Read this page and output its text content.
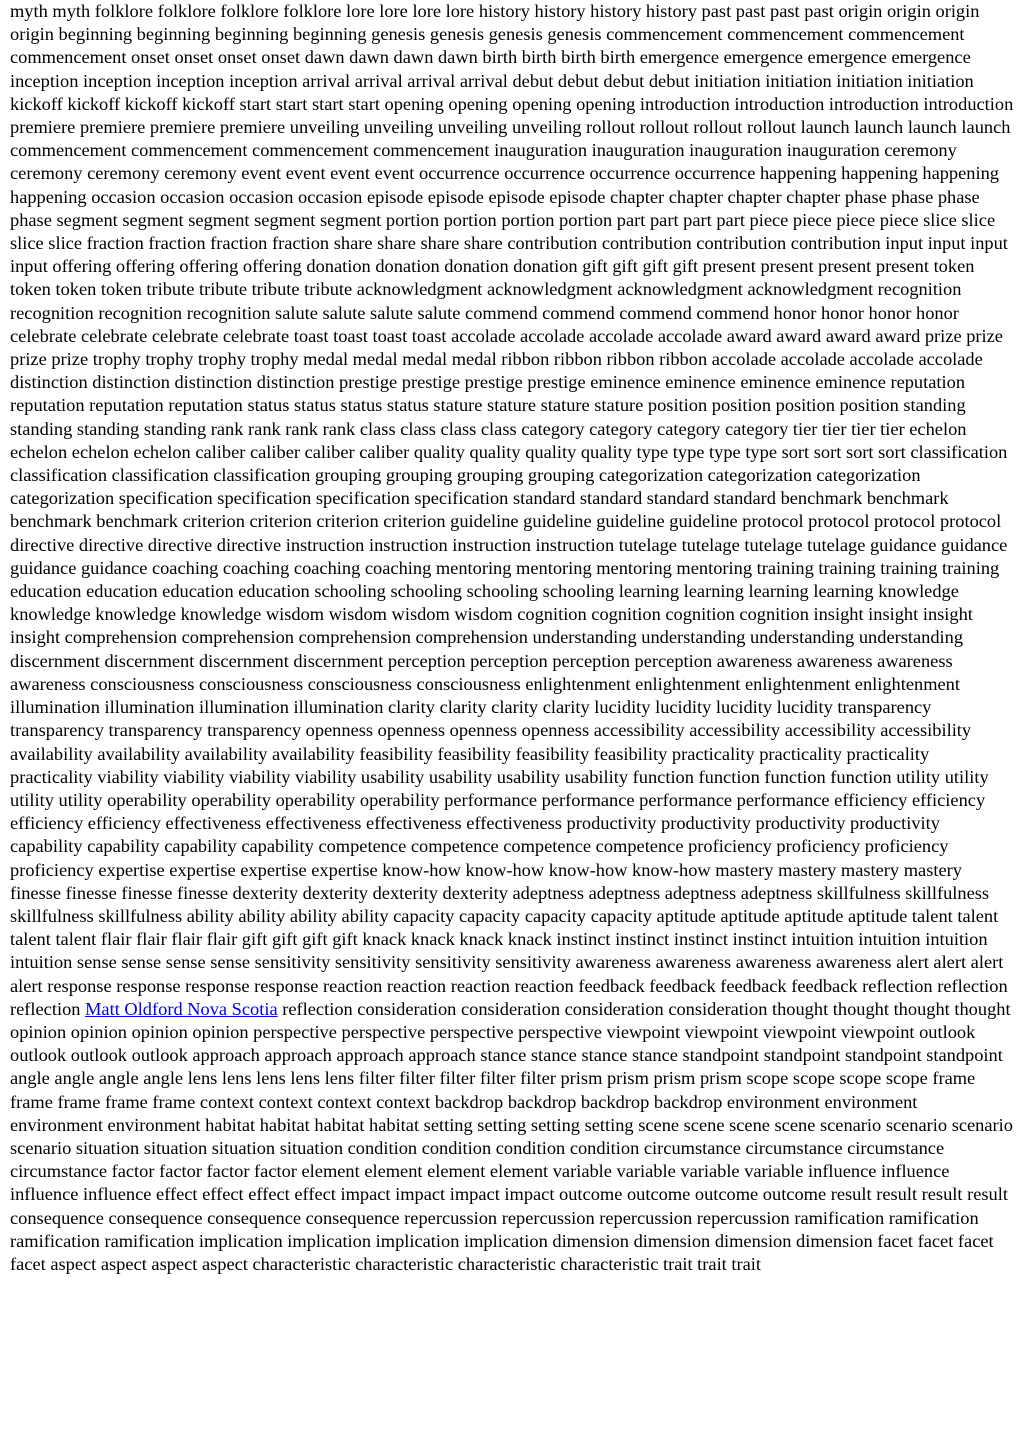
myth myth folklore folklore folklore folklore lore lore lore lore history history history history past past past past origin origin origin origin beginning beginning beginning beginning genesis genesis genesis genesis commencement commencement commencement commencement onset onset onset onset dawn dawn dawn dawn birth birth birth birth emergence emergence emergence emergence inception inception inception inception arrival arrival arrival arrival debut debut debut debut initiation initiation initiation initiation kickoff kickoff kickoff kickoff start start start start opening opening opening opening introduction introduction introduction introduction premiere premiere premiere premiere unveiling unveiling unveiling unveiling rollout rollout rollout rollout launch launch launch launch commencement commencement commencement commencement inauguration inauguration inauguration inauguration ceremony ceremony ceremony ceremony event event event event occurrence occurrence occurrence occurrence happening happening happening happening occasion occasion occasion occasion episode episode episode episode chapter chapter chapter chapter phase phase phase phase segment segment segment segment segment portion portion portion portion part part part part piece piece piece piece slice slice slice slice fraction fraction fraction fraction share share share share contribution contribution contribution contribution input input input input offering offering offering offering donation donation donation donation gift gift gift gift present present present present token token token token tribute tribute tribute tribute acknowledgment acknowledgment acknowledgment acknowledgment recognition recognition recognition recognition salute salute salute salute commend commend commend commend honor honor honor honor celebrate celebrate celebrate celebrate toast toast toast toast accolade accolade accolade accolade award award award award prize prize prize prize trophy trophy trophy trophy medal medal medal medal ribbon ribbon ribbon ribbon accolade accolade accolade accolade distinction distinction distinction distinction prestige prestige prestige prestige eminence eminence eminence eminence reputation reputation reputation reputation status status status status stature stature stature stature position position position position standing standing standing standing rank rank rank rank class class class class category category category category tier tier tier tier echelon echelon echelon echelon caliber caliber caliber caliber quality quality quality quality type type type type sort sort sort sort classification classification classification classification grouping grouping grouping grouping categorization categorization categorization categorization specification specification specification specification standard standard standard standard benchmark benchmark benchmark benchmark criterion criterion criterion criterion guideline guideline guideline guideline protocol protocol protocol protocol directive directive directive directive instruction instruction instruction instruction tutelage tutelage tutelage tutelage guidance guidance guidance guidance coaching coaching coaching coaching mentoring mentoring mentoring mentoring training training training training education education education education schooling schooling schooling schooling learning learning learning learning knowledge knowledge knowledge knowledge wisdom wisdom wisdom wisdom cognition cognition cognition cognition insight insight insight insight comprehension comprehension comprehension comprehension understanding understanding understanding understanding discernment discernment discernment discernment perception perception perception perception awareness awareness awareness awareness consciousness consciousness consciousness consciousness enlightenment enlightenment enlightenment enlightenment illumination illumination illumination illumination clarity clarity clarity clarity lucidity lucidity lucidity lucidity transparency transparency transparency transparency openness openness openness openness accessibility accessibility accessibility accessibility availability availability availability availability feasibility feasibility feasibility feasibility practicality practicality practicality practicality viability viability viability viability usability usability usability usability function function function function utility utility utility utility operability operability operability operability performance performance performance performance efficiency efficiency efficiency efficiency effectiveness effectiveness effectiveness effectiveness productivity productivity productivity productivity capability capability capability capability competence competence competence competence proficiency proficiency proficiency proficiency expertise expertise expertise expertise know-how know-how know-how know-how mastery mastery mastery mastery finesse finesse finesse finesse dexterity dexterity dexterity dexterity adeptness adeptness adeptness adeptness skillfulness skillfulness skillfulness skillfulness ability ability ability ability capacity capacity capacity capacity aptitude aptitude aptitude aptitude talent talent talent talent flair flair flair flair gift gift gift gift knack knack knack knack instinct instinct instinct instinct intuition intuition intuition intuition sense sense sense sense sensitivity sensitivity sensitivity sensitivity awareness awareness awareness awareness alert alert alert alert response response response response reaction reaction reaction reaction feedback feedback feedback feedback reflection reflection reflection Matt Oldford Nova Scotia reflection consideration consideration consideration consideration thought thought thought thought opinion opinion opinion opinion perspective perspective perspective perspective viewpoint viewpoint viewpoint viewpoint outlook outlook outlook outlook approach approach approach approach stance stance stance stance standpoint standpoint standpoint standpoint angle angle angle angle lens lens lens lens lens filter filter filter filter filter prism prism prism prism scope scope scope scope frame frame frame frame frame context context context context backdrop backdrop backdrop backdrop environment environment environment environment habitat habitat habitat habitat setting setting setting setting scene scene scene scene scenario scenario scenario scenario situation situation situation situation condition condition condition condition circumstance circumstance circumstance circumstance factor factor factor factor element element element element variable variable variable variable influence influence influence influence effect effect effect effect impact impact impact impact outcome outcome outcome outcome result result result result consequence consequence consequence consequence repercussion repercussion repercussion repercussion ramification ramification ramification ramification implication implication implication implication dimension dimension dimension dimension facet facet facet facet aspect aspect aspect aspect characteristic characteristic characteristic characteristic trait trait trait
